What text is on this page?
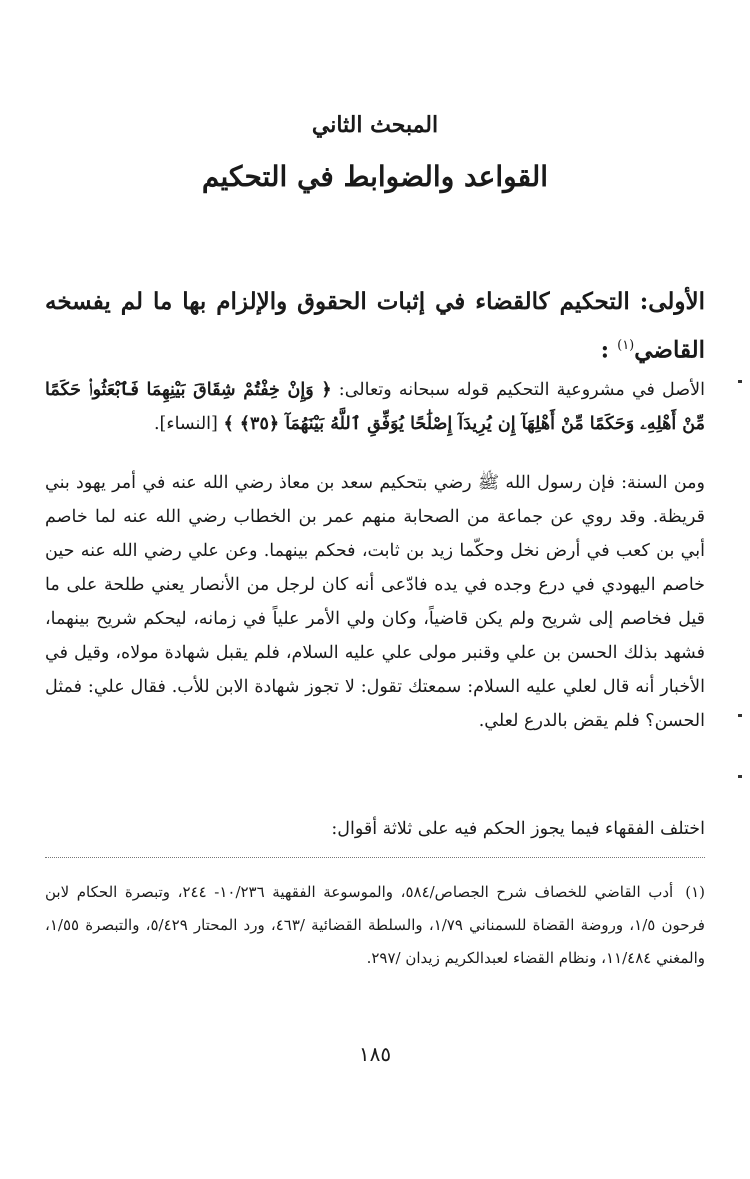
المبحث الثاني
القواعد والضوابط في التحكيم
الأولى: التحكيم كالقضاء في إثبات الحقوق والإلزام بها ما لم يفسخه القاضي$^{(١)}$ :
الأصل في مشروعية التحكيم قوله سبحانه وتعالى: ﴿ وَإِنْ خِفْتُمْ شِقَاقَ بَيْنِهِمَا فَٱبْعَثُوا۟ حَكَمًا مِّنْ أَهْلِهِۦ وَحَكَمًا مِّنْ أَهْلِهَآ إِن يُرِيدَآ إِصْلَٰحًا يُوَفِّقِ ٱللَّهُ بَيْنَهُمَآ ﴿٣٥﴾ ﴾ [النساء].
ومن السنة: فإن رسول الله ﷺ رضي بتحكيم سعد بن معاذ رضي الله عنه في أمر يهود بني قريظة. وقد روي عن جماعة من الصحابة منهم عمر بن الخطاب رضي الله عنه لما خاصم أبي بن كعب في أرض نخل وحكّما زيد بن ثابت، فحكم بينهما. وعن علي رضي الله عنه حين خاصم اليهودي في درع وجده في يده فادّعى أنه كان لرجل من الأنصار يعني طلحة على ما قيل فخاصم إلى شريح ولم يكن قاضياً، وكان ولي الأمر علياً في زمانه، ليحكم شريح بينهما، فشهد بذلك الحسن بن علي وقنبر مولى علي عليه السلام، فلم يقبل شهادة مولاه، وقيل في الأخبار أنه قال لعلي عليه السلام: سمعتك تقول: لا تجوز شهادة الابن للأب. فقال علي: فمثل الحسن؟ فلم يقض بالدرع لعلي.
اختلف الفقهاء فيما يجوز الحكم فيه على ثلاثة أقوال:
(١)أدب القاضي للخصاف شرح الجصاص/٥٨٤، والموسوعة الفقهية ١٠/٢٣٦- ٢٤٤، وتبصرة الحكام لابن فرحون ١/٥، وروضة القضاة للسمناني ١/٧٩، والسلطة القضائية /٤٦٣، ورد المحتار ٥/٤٢٩، والتبصرة ١/٥٥، والمغني ١١/٤٨٤، ونظام القضاء لعبدالكريم زيدان /٢٩٧.
١٨٥
